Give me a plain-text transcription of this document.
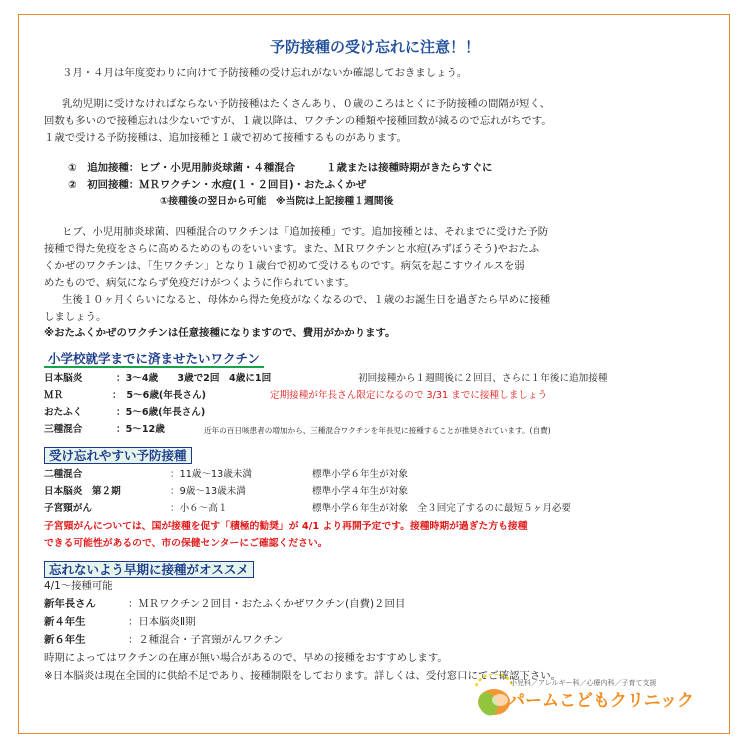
予防接種の受け忘れに注意！！
３月・４月は年度変わりに向けて予防接種の受け忘れがないか確認しておきましょう。
乳幼児期に受けなければならない予防接種はたくさんあり、０歳のころはとくに予防接種の間隔が短く、
回数も多いので接種忘れは少ないですが、１歳以降は、ワクチンの種類や接種回数が減るので忘れがちです。
１歳で受ける予防接種は、追加接種と１歳で初めて接種するものがあります。
①　追加接種：ヒブ・小児用肺炎球菌・４種混合　　　１歳または接種時期がきたらすぐに
②　初回接種：ＭＲワクチン・水痘(１・２回目)・おたふくかぜ
①接種後の翌日から可能　※当院は上記接種１週間後
ヒブ、小児用肺炎球菌、四種混合のワクチンは「追加接種」です。追加接種とは、それまでに受けた予防
接種で得た免疫をさらに高めるためのものをいいます。また、ＭＲワクチンと水痘(みずぼうそう)やおたふ
くかぜのワクチンは、「生ワクチン」となり１歳台で初めて受けるものです。病気を起こすウイルスを弱
めたもので、病気にならず免疫だけがつくように作られています。
生後１０ヶ月くらいになると、母体から得た免疫がなくなるので、１歳のお誕生日を過ぎたら早めに接種
しましょう。
※おたふくかぜのワクチンは任意接種になりますので、費用がかかります。
小学校就学までに済ませたいワクチン
日本脳炎	：3〜4歳　　3歳で2回　4歳に1回	初回接種から１週間後に２回目、さらに１年後に追加接種
ＭＲ	：　5〜6歳(年長さん)	定期接種が年長さん限定になるので 3/31 までに接種しましょう
おたふく	：5〜6歳(年長さん)
三種混合	：5〜12歳	近年の百日咳患者の増加から、三種混合ワクチンを年長児に接種することが推奨されています。(自費)
受け忘れやすい予防接種
二種混合	：11歳〜13歳未満	標準小学６年生が対象
日本脳炎　第２期	：9歳〜13歳未満	標準小学４年生が対象
子宮頸がん	：小６〜高１	標準小学６年生が対象　全３回完了するのに最短５ヶ月必要
子宮頸がんについては、国が接種を促す「積極的勧奨」が 4/1 より再開予定です。接種時期が過ぎた方も接種
できる可能性があるので、市の保健センターにご確認ください。
忘れないよう早期に接種がオススメ
4/1〜接種可能
新年長さん	：ＭＲワクチン２回目・おたふくかぜワクチン(自費)２回目
新４年生	：日本脳炎Ⅱ期
新６年生	：２種混合・子宮頸がんワクチン
時期によってはワクチンの在庫が無い場合があるので、早めの接種をおすすめします。
※日本脳炎は現在全国的に供給不足であり、接種制限をしております。詳しくは、受付窓口にてご確認下さい。
小児科／アレルギー科／心療内科／子育て支援
パームこどもクリニック
